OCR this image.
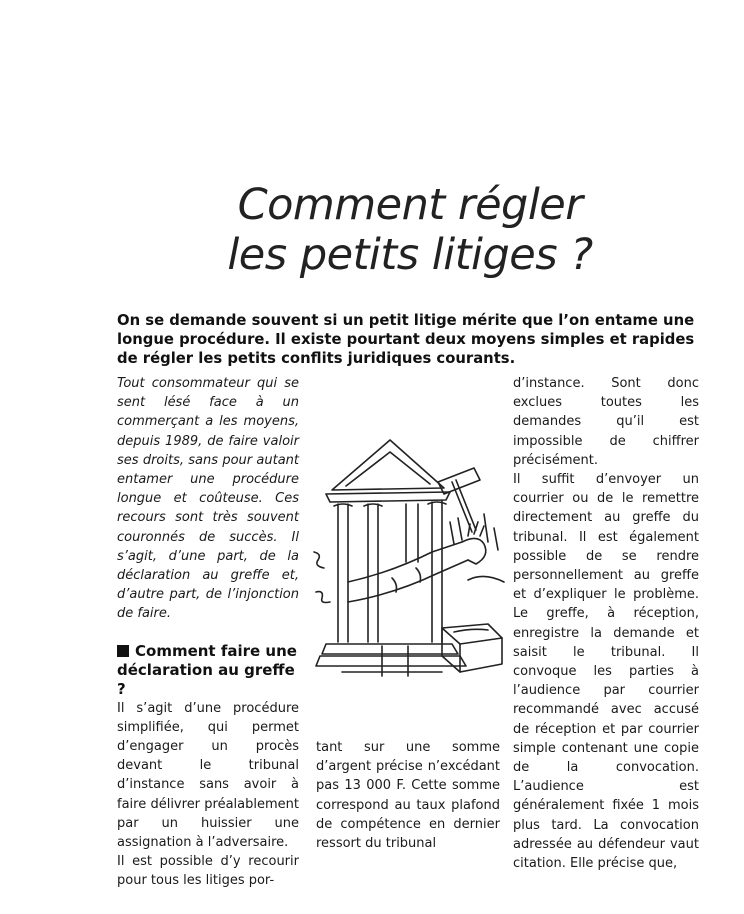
Comment régler
les petits litiges ?

On se demande souvent si un petit litige mérite que l’on entame une longue procédure. Il existe pourtant deux moyens simples et rapides de régler les petits conflits juridiques courants.

Tout consommateur qui se sent lésé face à un commerçant a les moyens, depuis 1989, de faire valoir ses droits, sans pour autant entamer une procédure longue et coûteuse. Ces recours sont très souvent couronnés de succès. Il s’agit, d’une part, de la déclaration au greffe et, d’autre part, de l’injonction de faire.

Comment faire une déclaration au greffe ?

Il s’agit d’une procédure simplifiée, qui permet d’engager un procès devant le tribunal d’instance sans avoir à faire délivrer préalablement par un huissier une assignation à l’adversaire.

Il est possible d’y recourir pour tous les litiges por-

tant sur une somme d’argent précise n’excédant pas 13 000 F. Cette somme correspond au taux plafond de compétence en dernier ressort du tribunal

d’instance. Sont donc exclues toutes les demandes qu’il est impossible de chiffrer précisément.

Il suffit d’envoyer un courrier ou de le remettre directement au greffe du tribunal. Il est également possible de se rendre personnellement au greffe et d’expliquer le problème. Le greffe, à réception, enregistre la demande et saisit le tribunal. Il convoque les parties à l’audience par courrier recommandé avec accusé de réception et par courrier simple contenant une copie de la convocation. L’audience est généralement fixée 1 mois plus tard. La convocation adressée au défendeur vaut citation. Elle précise que,
